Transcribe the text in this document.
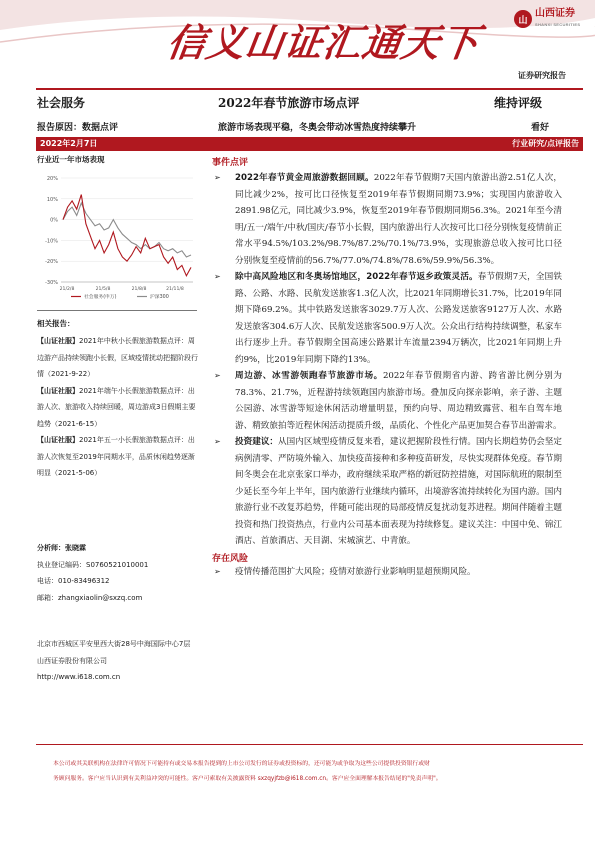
信义山证汇通天下	山
山西证券
SHANXI SECURITIES
证券研究报告
社会服务	2022年春节旅游市场点评	维持评级
报告原因：数据点评	旅游市场表现平稳，冬奥会带动冰雪热度持续攀升	看好
2022年2月7日	行业研究/点评报告
行业近一年市场表现
20%
10%
0%
-10%
-20%
-30%
21/2/8	21/5/8	21/8/8	21/11/8
社会服务(申万)	沪深300
相关报告：

【山证社服】2021年中秋小长假旅游数据点评：周边游产品持续领跑小长假，区域疫情扰动把握阶段行情（2021-9-22）

【山证社服】2021年端午小长假旅游数据点评：出游人次、旅游收入持续回暖，周边游成3日假期主要趋势（2021-6-15）

【山证社服】2021年五一小长假旅游数据点评：出游人次恢复至2019年同期水平，品质休闲趋势逐渐明显（2021-5-06）

分析师：张晓霖
执业登记编码：S0760521010001
电话：010-83496312
邮箱：zhangxiaolin@sxzq.com
北京市西城区平安里西大街28号中海国际中心7层 山西证券股份有限公司
http://www.i618.com.cn
事件点评
➢ 2022年春节黄金周旅游数据回顾。2022年春节假期7天国内旅游出游2.51亿人次，同比减少2%，按可比口径恢复至2019年春节假期同期73.9%；实现国内旅游收入2891.98亿元，同比减少3.9%，恢复至2019年春节假期同期56.3%。2021年至今清明/五一/端午/中秋/国庆/春节小长假，国内旅游出行人次按可比口径分别恢复疫情前正常水平94.5%/103.2%/98.7%/87.2%/70.1%/73.9%，实现旅游总收入按可比口径分别恢复至疫情前的56.7%/77.0%/74.8%/78.6%/59.9%/56.3%。
➢ 除中高风险地区和冬奥场馆地区，2022年春节返乡政策灵活。春节假期7天，全国铁路、公路、水路、民航发送旅客1.3亿人次，比2021年同期增长31.7%，比2019年同期下降69.2%。其中铁路发送旅客3029.7万人次、公路发送旅客9127万人次、水路发送旅客304.6万人次、民航发送旅客500.9万人次。公众出行结构持续调整，私家车出行逐步上升。春节假期全国高速公路累计车流量2394万辆次，比2021年同期上升约9%，比2019年同期下降约13%。
➢ 周边游、冰雪游领跑春节旅游市场。2022年春节假期省内游、跨省游比例分别为78.3%、21.7%，近程游持续领跑国内旅游市场。叠加反向探亲影响，亲子游、主题公园游、冰雪游等短途休闲活动增量明显，预约向导、周边精致露营、租车自驾车地游、精致旅拍等近程休闲活动提质升级，品质化、个性化产品更加契合春节出游需求。
➢ 投资建议：从国内区域型疫情反复来看，建议把握阶段性行情。国内长期趋势仍会坚定病例清零、严防境外输入、加快疫苗接种和多种疫苗研发，尽快实现群体免疫。春节期间冬奥会在北京张家口举办，政府继续采取严格的新冠防控措施，对国际航班的限制至少延长至今年上半年，国内旅游行业继续内循环，出境游客流持续转化为国内游。国内旅游行业不改复苏趋势，伴随可能出现的局部疫情反复扰动复苏进程。期间伴随着主题投资和热门投资热点，行业内公司基本面表现为持续修复。建议关注：中国中免、锦江酒店、首旅酒店、天目湖、宋城演艺、中青旅。
存在风险
➢ 疫情传播范围扩大风险；疫情对旅游行业影响明显超预期风险。
本公司或其关联机构在法律许可情况下可能持有或交易本报告提到的上市公司发行的证券或投资标的，还可能为或争取为这些公司提供投资银行或财
务顾问服务。客户应当认识到有关利益冲突的可能性。客户可索取有关披露资料 sxzqyjfzb@i618.com.cn。客户应全面理解本报告结尾的"免责声明"。
